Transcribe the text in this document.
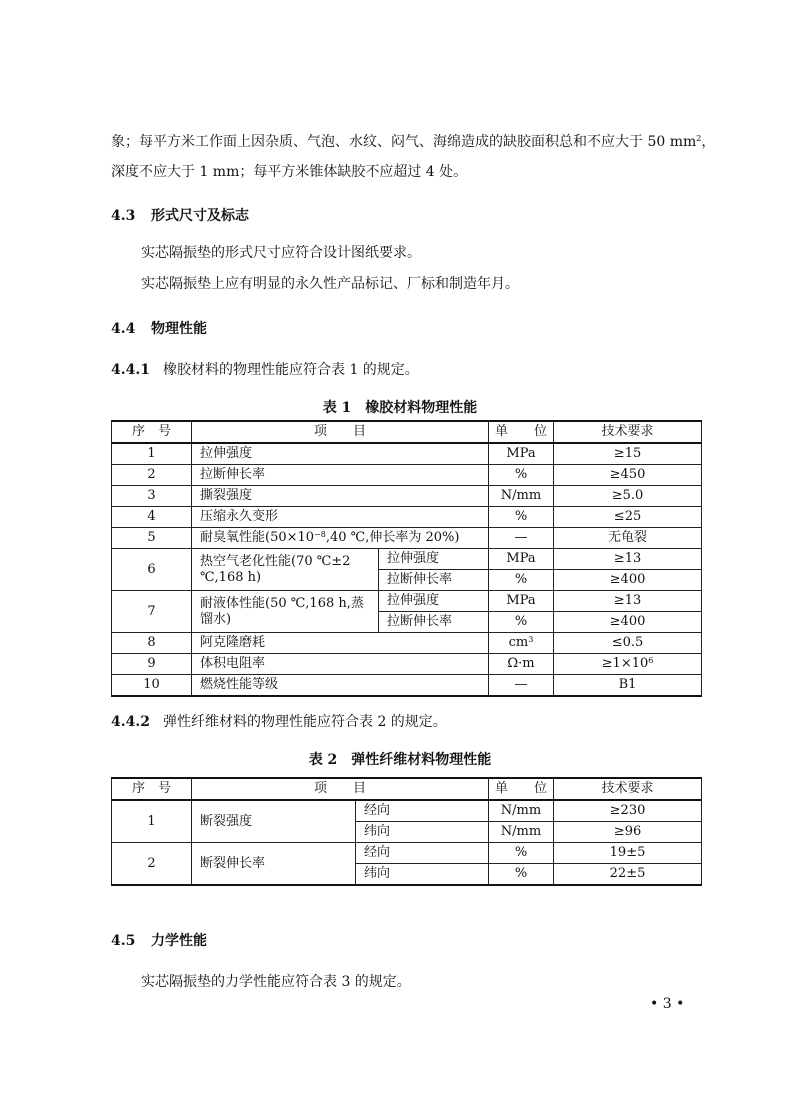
象；每平方米工作面上因杂质、气泡、水纹、闷气、海绵造成的缺胶面积总和不应大于 50 $mm^2$，
深度不应大于 1 mm；每平方米锥体缺胶不应超过 4 处。
4.3 形式尺寸及标志
实芯隔振垫的形式尺寸应符合设计图纸要求。
实芯隔振垫上应有明显的永久性产品标记、厂标和制造年月。
4.4 物理性能
4.4.1 橡胶材料的物理性能应符合表 1 的规定。
表 1　橡胶材料物理性能
序　号	项　　目		单　　位	技术要求
1	拉伸强度		MPa	≥15
2	拉断伸长率		%	≥450
3	撕裂强度		N/mm	≥5.0
4	压缩永久变形		%	≤25
5	耐臭氧性能($50\times 10^{-8},40$ ℃,伸长率为 20%)		—	无龟裂
6	热空气老化性能(70 ℃±2 ℃,168 h)	拉伸强度	MPa	≥13
		拉断伸长率	%	≥400
7	耐液体性能(50 ℃,168 h,蒸馏水)	拉伸强度	MPa	≥13
		拉断伸长率	%	≥400
8	阿克隆磨耗		$cm^3$	≤0.5
9	体积电阻率		Ω·m	$\ge 1\times 10^6$
10	燃烧性能等级		—	B1
4.4.2 弹性纤维材料的物理性能应符合表 2 的规定。
表 2　弹性纤维材料物理性能
序　号	项　　目		单　　位	技术要求
1	断裂强度	经向	N/mm	≥230
		纬向	N/mm	≥96
2	断裂伸长率	经向	%	19±5
		纬向	%	22±5
4.5 力学性能
实芯隔振垫的力学性能应符合表 3 的规定。
• 3 •
